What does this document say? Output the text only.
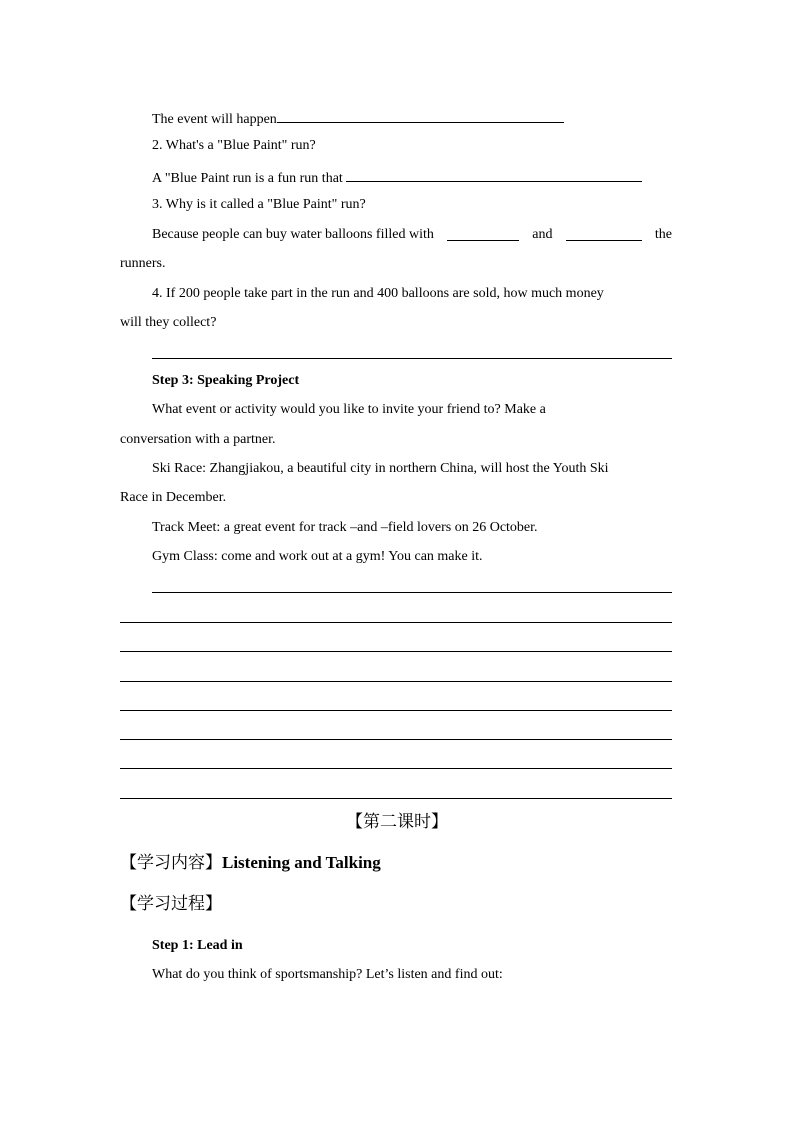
The event will happen
2. What's a "Blue Paint" run?
A "Blue Paint run is a fun run that
3. Why is it called a "Blue Paint" run?
Because people can buy water balloons filled with	and	the
runners.
4. If 200 people take part in the run and 400 balloons are sold, how much money
will they collect?
Step 3: Speaking Project
What event or activity would you like to invite your friend to? Make a
conversation with a partner.
Ski Race: Zhangjiakou, a beautiful city in northern China, will host the Youth Ski
Race in December.
Track Meet: a great event for track –and –field lovers on 26 October.
Gym Class: come and work out at a gym! You can make it.
【第二课时】
【学习内容】Listening and Talking
【学习过程】
Step 1: Lead in
What do you think of sportsmanship? Let’s listen and find out:
